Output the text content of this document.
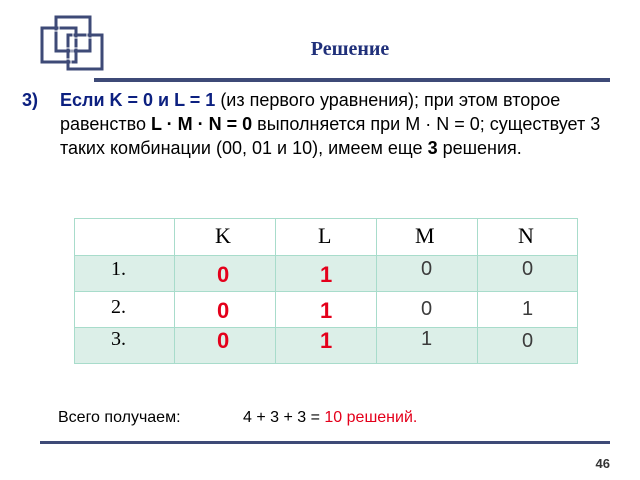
Решение
3) Если K = 0 и L = 1 (из первого уравнения); при этом второе равенство L · M · N = 0 выполняется при M · N = 0; существует 3 таких комбинации (00, 01 и 10), имеем еще 3 решения.

	K	L	M	N

1.	0	1	0	0

2.	0	1	0	1

3.	0	1	1	0
Всего получаем:	4 + 3 + 3 = 10 решений.
46
